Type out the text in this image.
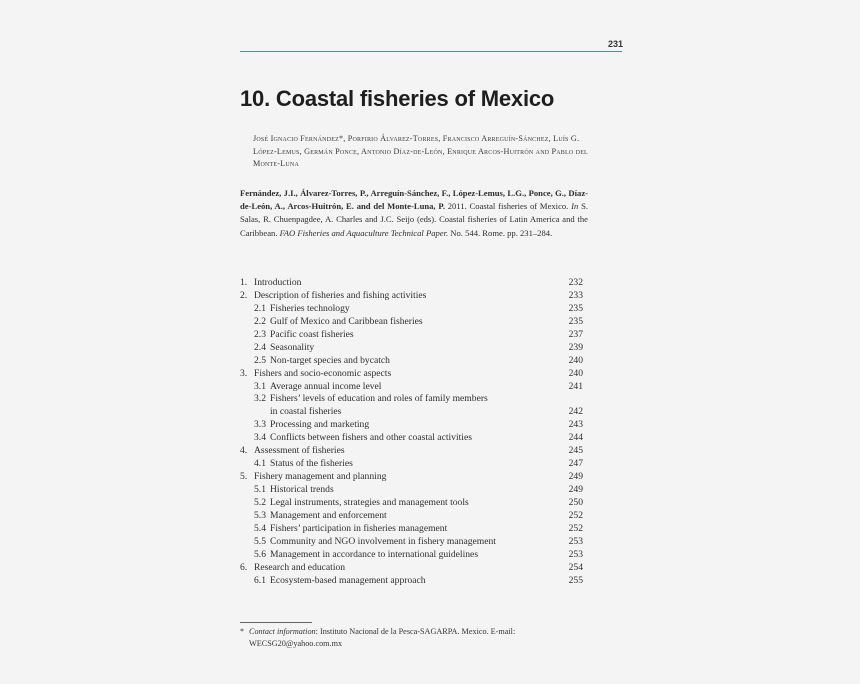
231
10. Coastal fisheries of Mexico
José Ignacio Fernández*, Porfirio Álvarez-Torres, Francisco Arreguín-Sánchez, Luís G. López-Lemus, Germán Ponce, Antonio Díaz-de-León, Enrique Arcos-Huitrón and Pablo del Monte-Luna
Fernández, J.I., Álvarez-Torres, P., Arreguín-Sánchez, F., López-Lemus, L.G., Ponce, G., Díaz-de-León, A., Arcos-Huitrón, E. and del Monte-Luna, P. 2011. Coastal fisheries of Mexico. In S. Salas, R. Chuenpagdee, A. Charles and J.C. Seijo (eds). Coastal fisheries of Latin America and the Caribbean. FAO Fisheries and Aquaculture Technical Paper. No. 544. Rome. pp. 231–284.
1. Introduction	232
2. Description of fisheries and fishing activities	233
2.1 Fisheries technology	235
2.2 Gulf of Mexico and Caribbean fisheries	235
2.3 Pacific coast fisheries	237
2.4 Seasonality	239
2.5 Non-target species and bycatch	240
3. Fishers and socio-economic aspects	240
3.1 Average annual income level	241
3.2 Fishers’ levels of education and roles of family members
in coastal fisheries	242
3.3 Processing and marketing	243
3.4 Conflicts between fishers and other coastal activities	244
4. Assessment of fisheries	245
4.1 Status of the fisheries	247
5. Fishery management and planning	249
5.1 Historical trends	249
5.2 Legal instruments, strategies and management tools	250
5.3 Management and enforcement	252
5.4 Fishers’ participation in fisheries management	252
5.5 Community and NGO involvement in fishery management	253
5.6 Management in accordance to international guidelines	253
6. Research and education	254
6.1 Ecosystem-based management approach	255
* Contact information: Instituto Nacional de la Pesca-SAGARPA. Mexico. E-mail: WECSG20@yahoo.com.mx
